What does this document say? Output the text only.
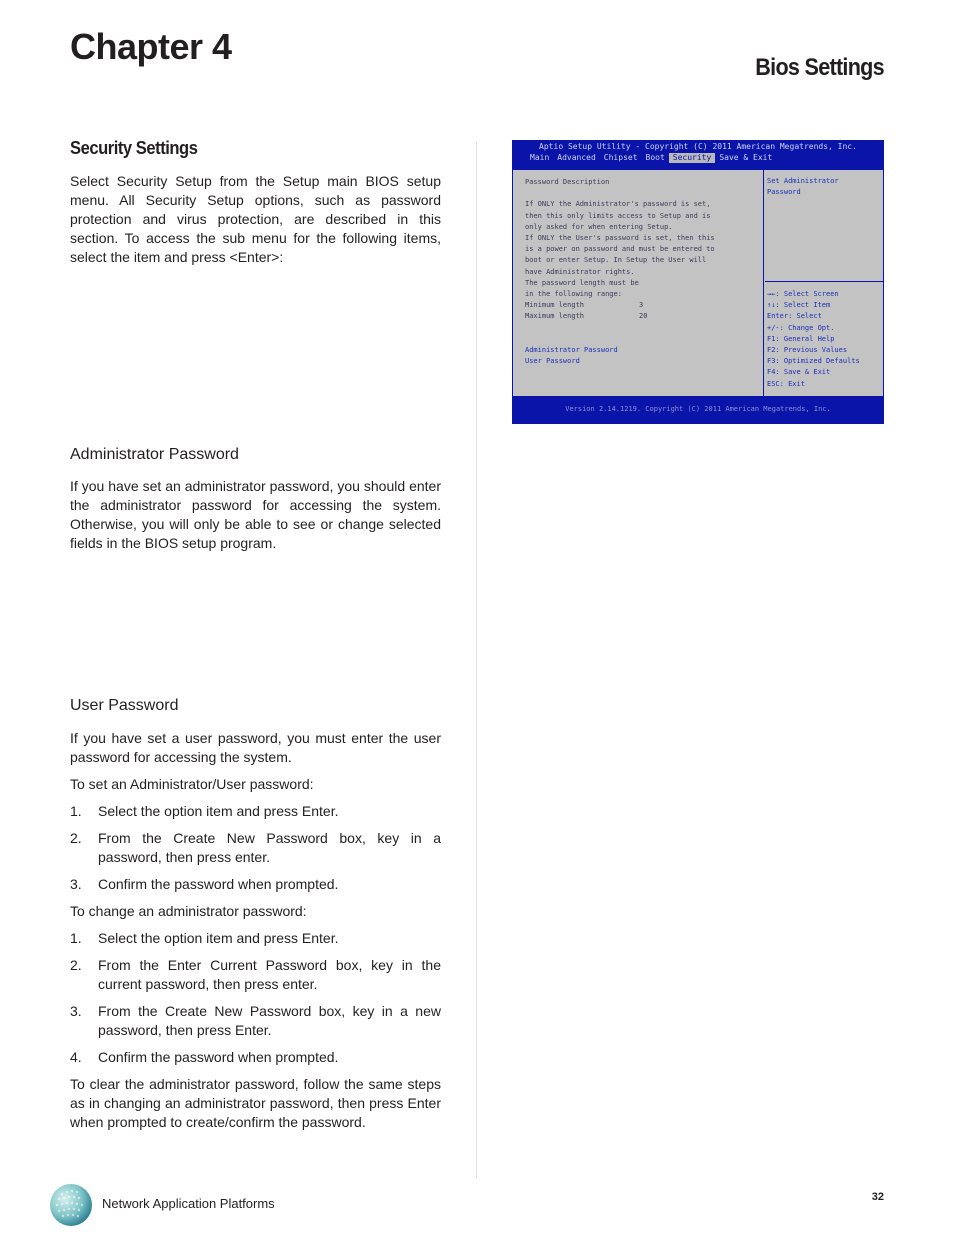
Chapter 4
Bios Settings
Security Settings

Select Security Setup from the Setup main BIOS setup menu. All Security Setup options, such as password protection and virus protection, are described in this section. To access the sub menu for the following items, select the item and press <Enter>:

Administrator Password

If you have set an administrator password, you should enter the administrator password for accessing the system. Otherwise, you will only be able to see or change selected fields in the BIOS setup program.

User Password

If you have set a user password, you must enter the user password for accessing the system.

To set an Administrator/User password:

1. Select the option item and press Enter.
2. From the Create New Password box, key in a password, then press enter.
3. Confirm the password when prompted.

To change an administrator password:

1. Select the option item and press Enter.
2. From the Enter Current Password box, key in the current password, then press enter.
3. From the Create New Password box, key in a new password, then press Enter.
4. Confirm the password when prompted.

To clear the administrator password, follow the same steps as in changing an administrator password, then press Enter when prompted to create/confirm the password.

Aptio Setup Utility - Copyright (C) 2011 American Megatrends, Inc.
Main	Advanced	Chipset	Boot	Security	Save & Exit
Password Description

If ONLY the Administrator's password is set,
then this only limits access to Setup and is
only asked for when entering Setup.
If ONLY the User's password is set, then this
is a power on password and must be entered to
boot or enter Setup. In Setup the User will
have Administrator rights.
The password length must be
in the following range:
Minimum length	3
Maximum length	20
Administrator Password
User Password
Set Administrator
Password
→←: Select Screen
↑↓: Select Item
Enter: Select
+/-: Change Opt.
F1: General Help
F2: Previous Values
F3: Optimized Defaults
F4: Save & Exit
ESC: Exit
Version 2.14.1219. Copyright (C) 2011 American Megatrends, Inc.
Network Application Platforms	32
